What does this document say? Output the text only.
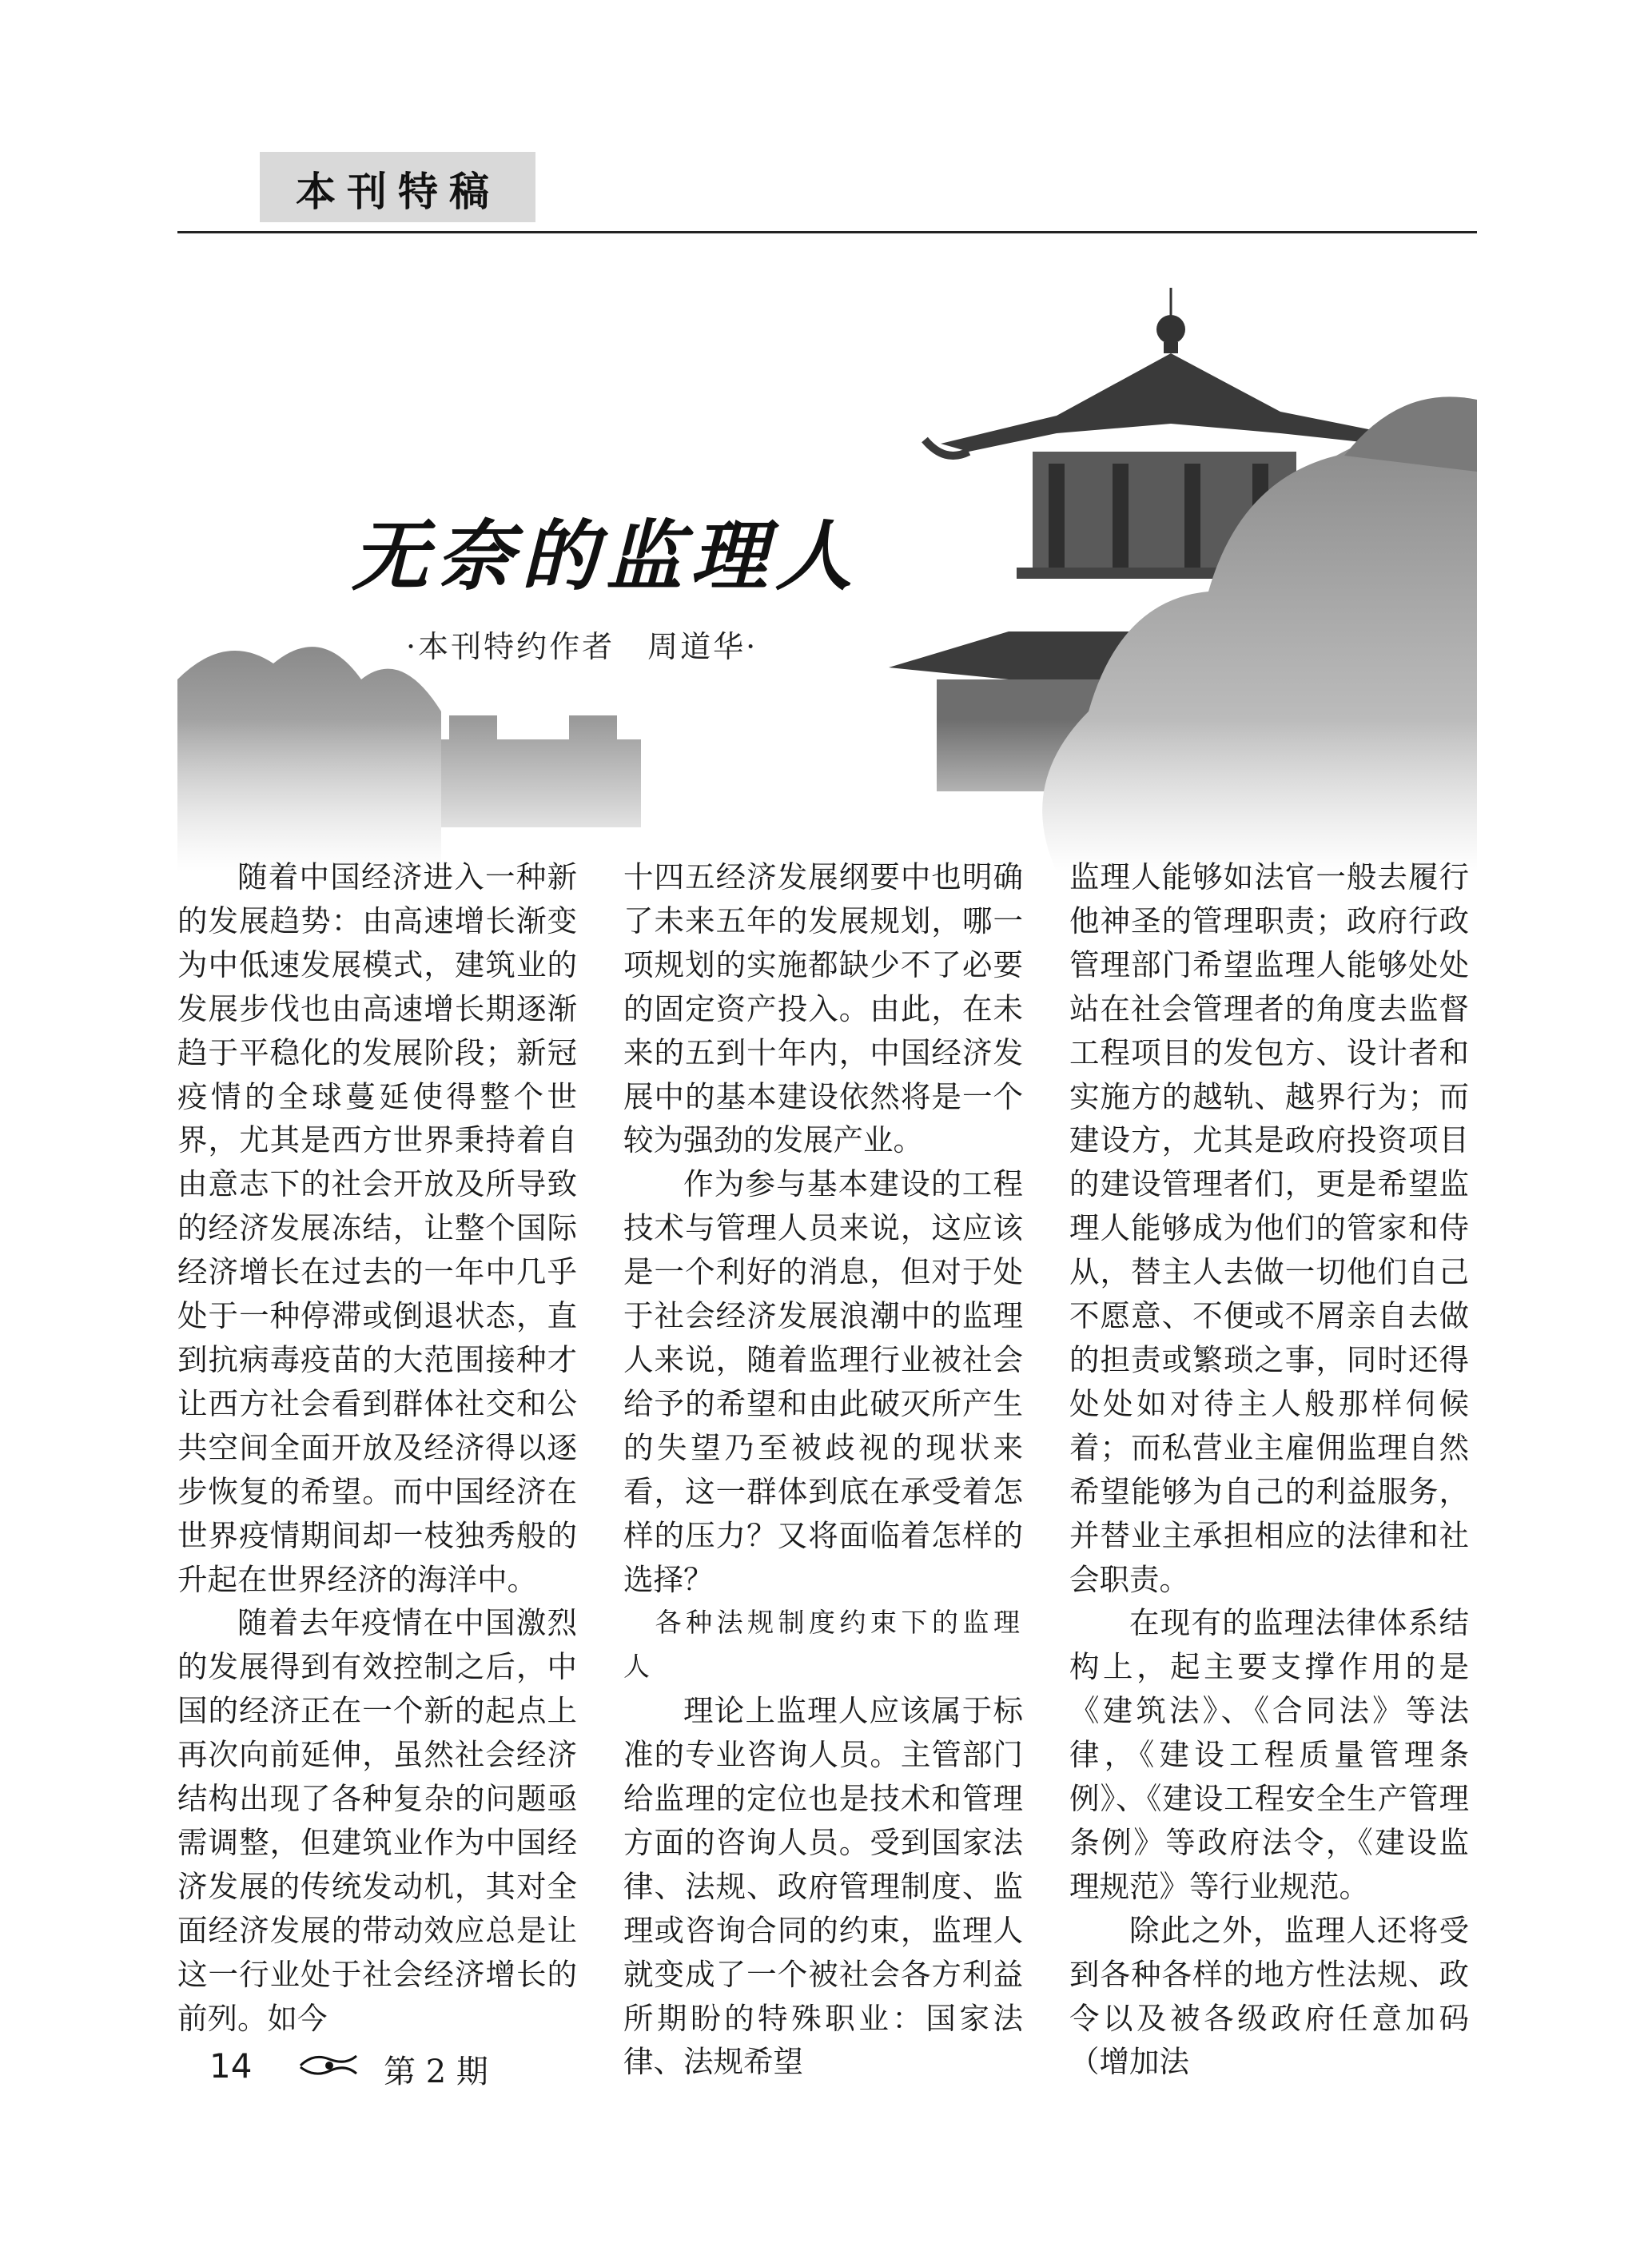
本刊特稿
无奈的监理人
·本刊特约作者　周道华·

随着中国经济进入一种新的发展趋势：由高速增长渐变为中低速发展模式，建筑业的发展步伐也由高速增长期逐渐趋于平稳化的发展阶段；新冠疫情的全球蔓延使得整个世界，尤其是西方世界秉持着自由意志下的社会开放及所导致的经济发展冻结，让整个国际经济增长在过去的一年中几乎处于一种停滞或倒退状态，直到抗病毒疫苗的大范围接种才让西方社会看到群体社交和公共空间全面开放及经济得以逐步恢复的希望。而中国经济在世界疫情期间却一枝独秀般的升起在世界经济的海洋中。

随着去年疫情在中国激烈的发展得到有效控制之后，中国的经济正在一个新的起点上再次向前延伸，虽然社会经济结构出现了各种复杂的问题亟需调整，但建筑业作为中国经济发展的传统发动机，其对全面经济发展的带动效应总是让这一行业处于社会经济增长的前列。如今

十四五经济发展纲要中也明确了未来五年的发展规划，哪一项规划的实施都缺少不了必要的固定资产投入。由此，在未来的五到十年内，中国经济发展中的基本建设依然将是一个较为强劲的发展产业。

作为参与基本建设的工程技术与管理人员来说，这应该是一个利好的消息，但对于处于社会经济发展浪潮中的监理人来说，随着监理行业被社会给予的希望和由此破灭所产生的失望乃至被歧视的现状来看，这一群体到底在承受着怎样的压力？又将面临着怎样的选择？

各种法规制度约束下的监理人

理论上监理人应该属于标准的专业咨询人员。主管部门给监理的定位也是技术和管理方面的咨询人员。受到国家法律、法规、政府管理制度、监理或咨询合同的约束，监理人就变成了一个被社会各方利益所期盼的特殊职业：国家法律、法规希望

监理人能够如法官一般去履行他神圣的管理职责；政府行政管理部门希望监理人能够处处站在社会管理者的角度去监督工程项目的发包方、设计者和实施方的越轨、越界行为；而建设方，尤其是政府投资项目的建设管理者们，更是希望监理人能够成为他们的管家和侍从，替主人去做一切他们自己不愿意、不便或不屑亲自去做的担责或繁琐之事，同时还得处处如对待主人般那样伺候着；而私营业主雇佣监理自然希望能够为自己的利益服务，并替业主承担相应的法律和社会职责。

在现有的监理法律体系结构上，起主要支撑作用的是《建筑法》、《合同法》等法律，《建设工程质量管理条例》、《建设工程安全生产管理条例》等政府法令，《建设监理规范》等行业规范。

除此之外，监理人还将受到各种各样的地方性法规、政令以及被各级政府任意加码（增加法

14	第 2 期
